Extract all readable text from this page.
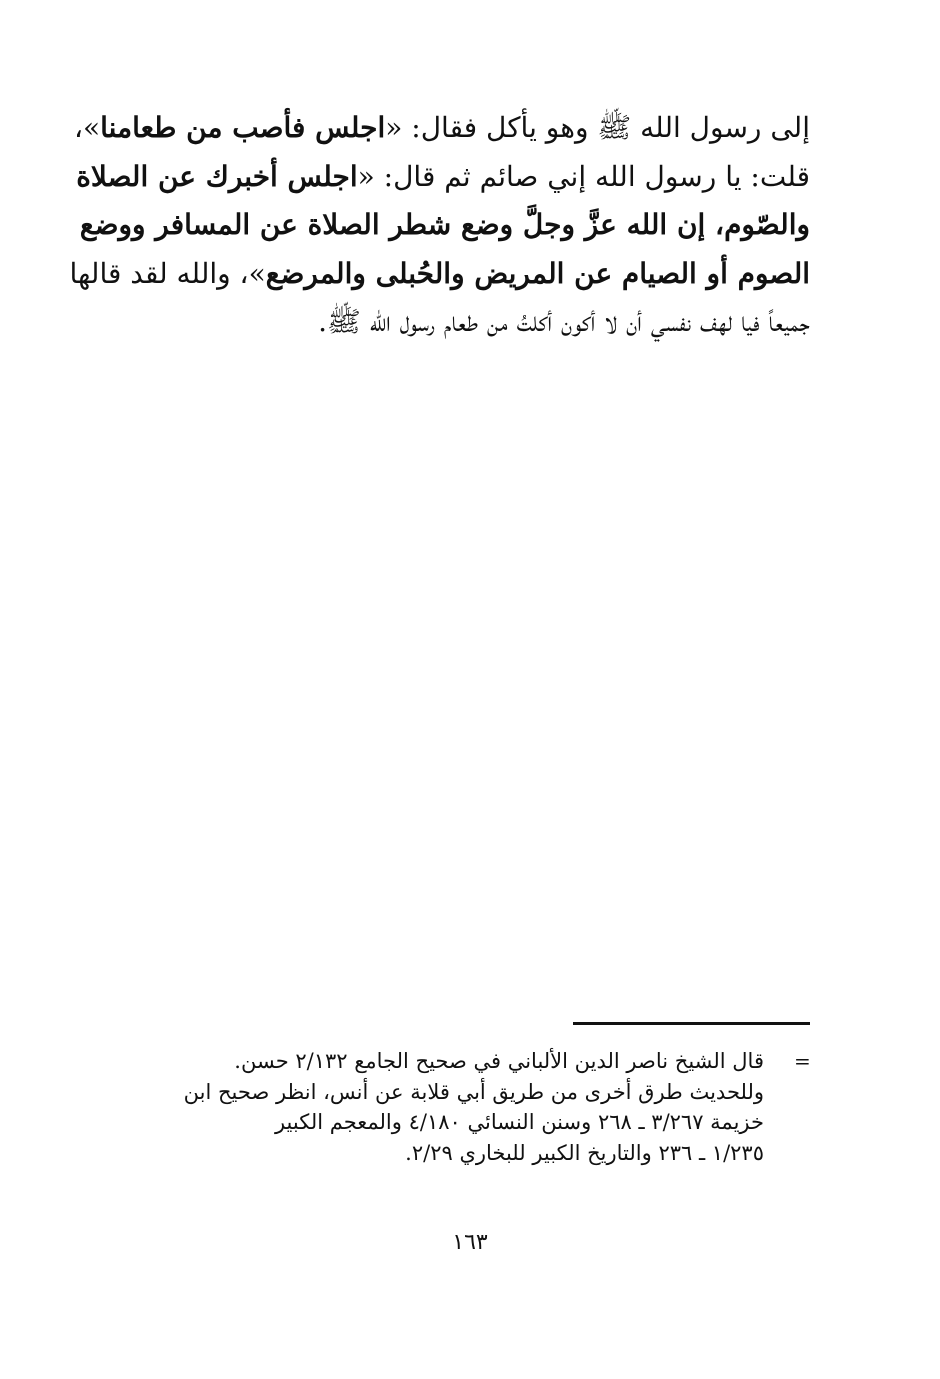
إلى رسول الله ﷺ وهو يأكل فقال: «اجلس فأصب من طعامنا»،
قلت: يا رسول الله إني صائم ثم قال: «اجلس أخبرك عن الصلاة
والصّوم، إن الله عزَّ وجلَّ وضع شطر الصلاة عن المسافر ووضع
الصوم أو الصيام عن المريض والحُبلى والمرضع»، والله لقد قالها
جميعاً فيا لهف نفسي أن لا أكون أكلتُ من طعام رسول الله ﷺ.
=
قال الشيخ ناصر الدين الألباني في صحيح الجامع ٢/١٣٢ حسن.
وللحديث طرق أخرى من طريق أبي قلابة عن أنس، انظر صحيح ابن
خزيمة ٣/٢٦٧ ـ ٢٦٨ وسنن النسائي ٤/١٨٠ والمعجم الكبير
١/٢٣٥ ـ ٢٣٦ والتاريخ الكبير للبخاري ٢/٢٩.
١٦٣
